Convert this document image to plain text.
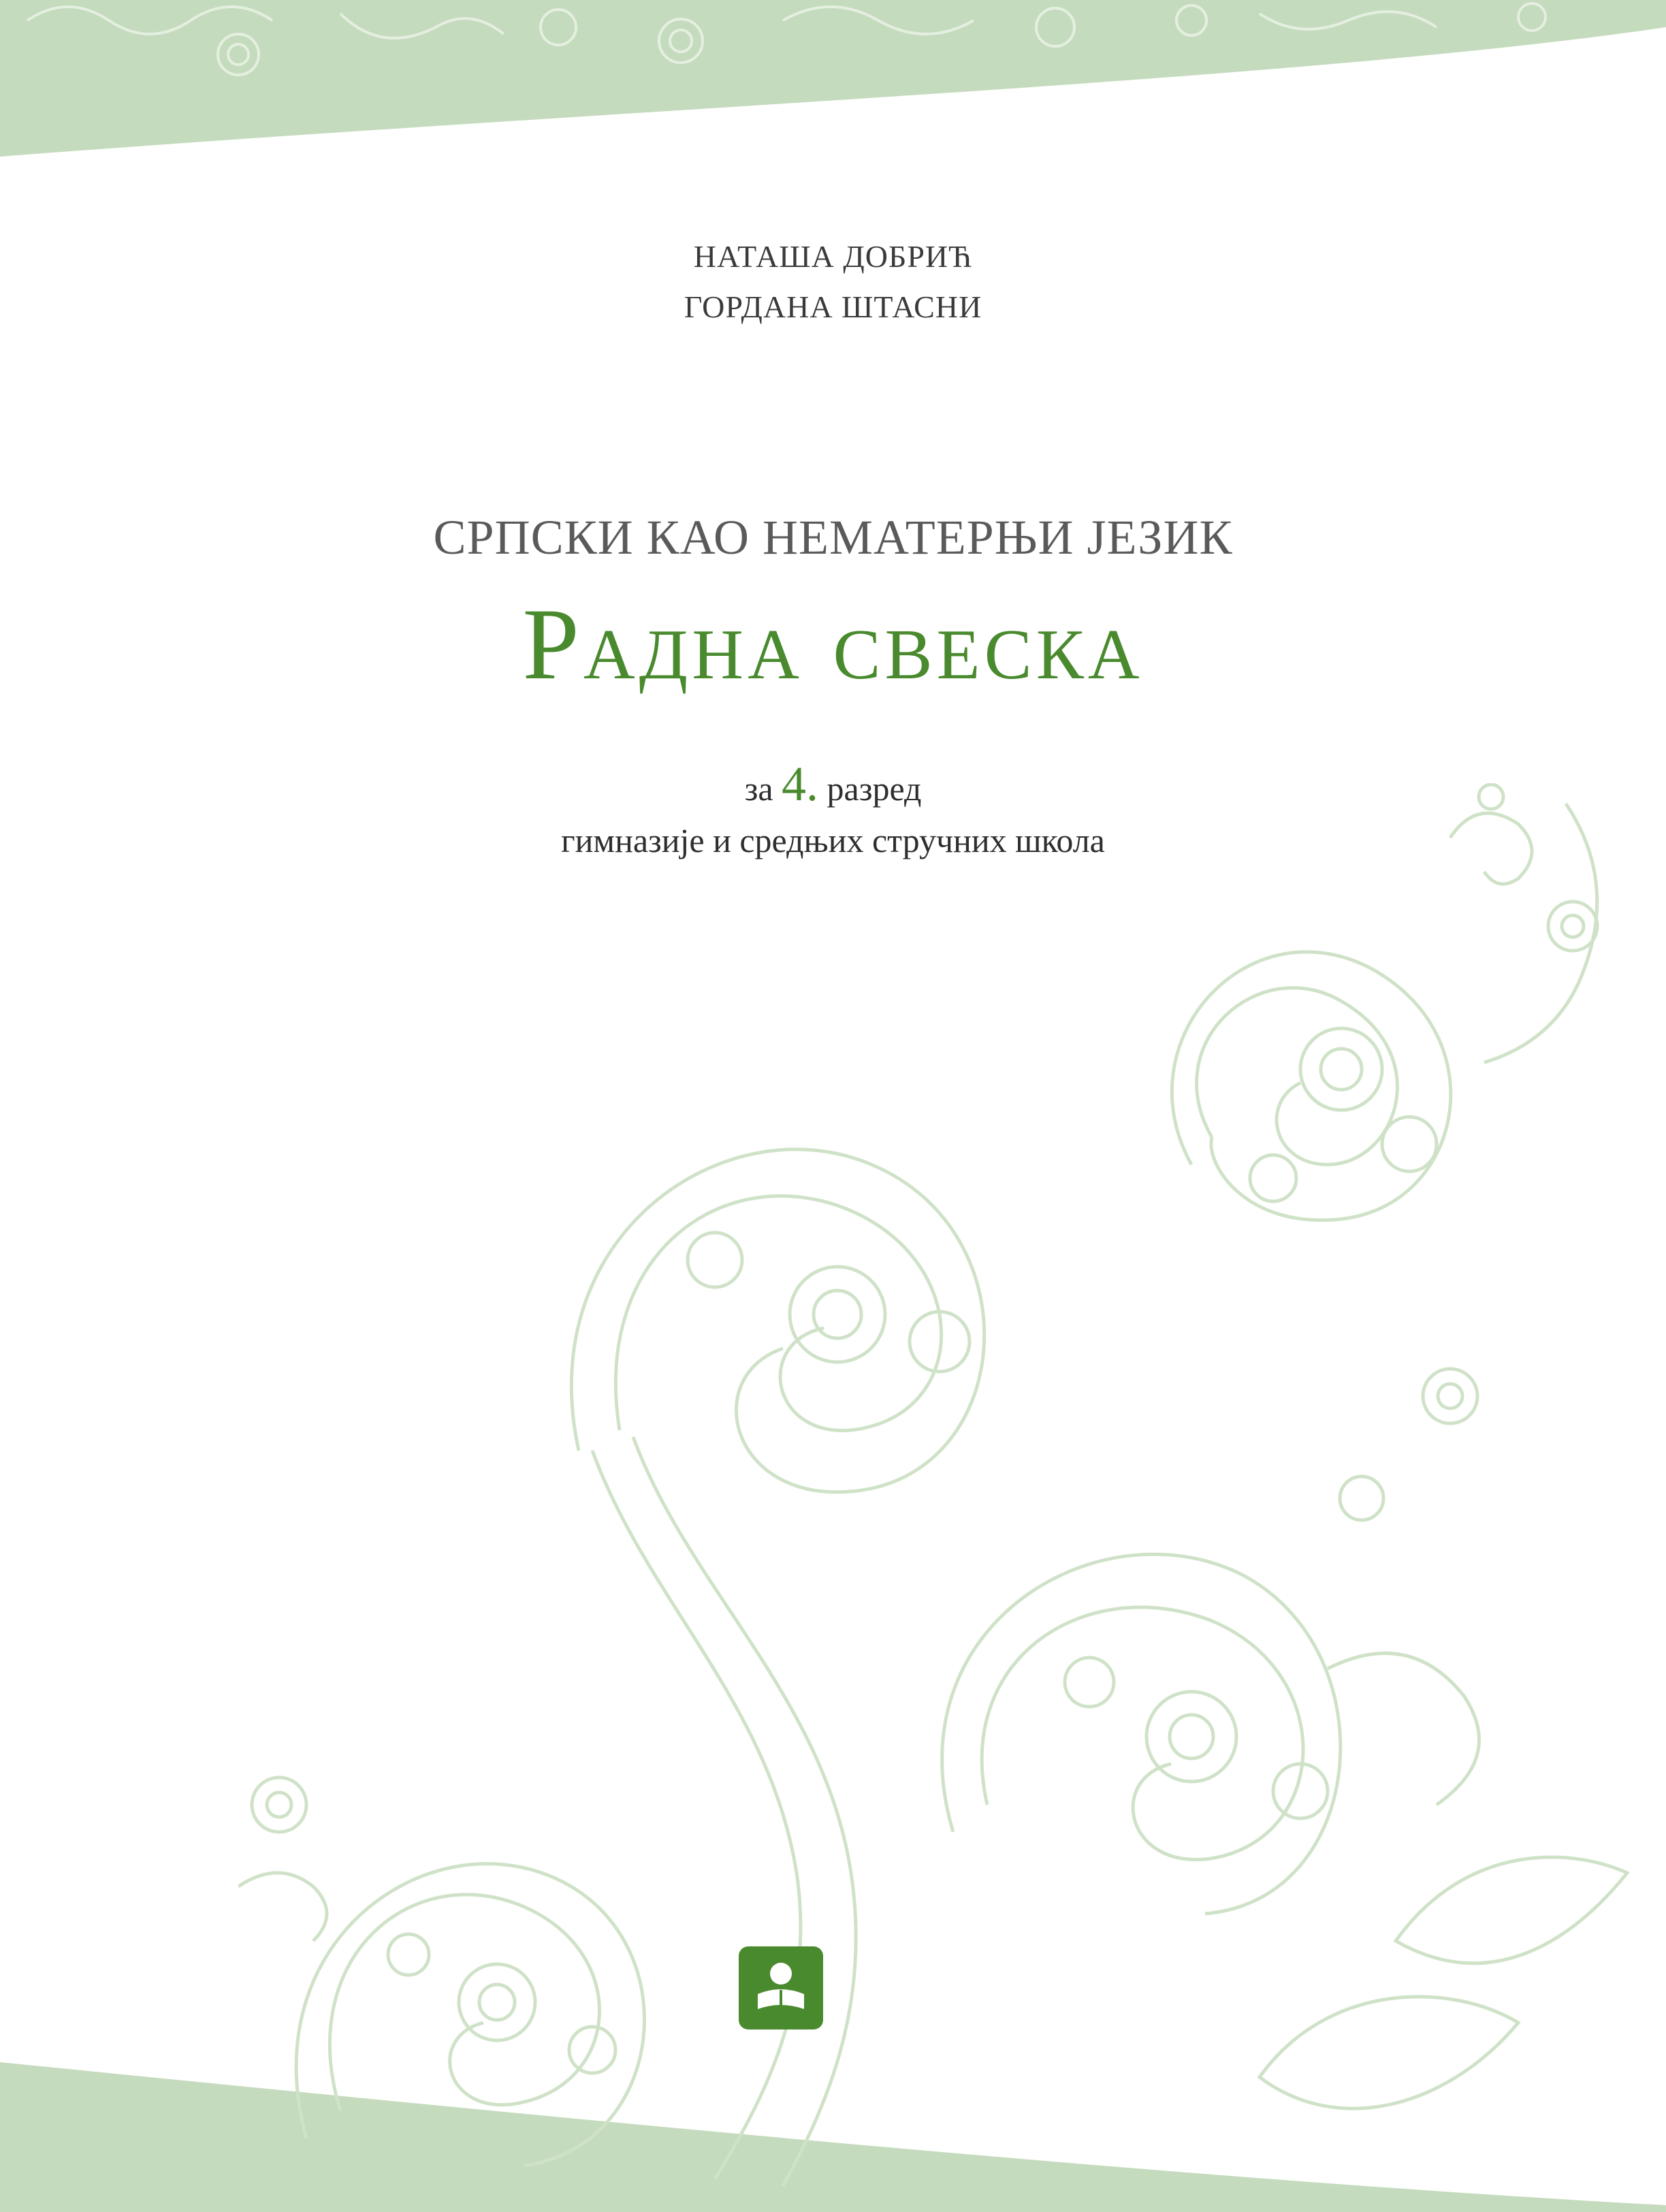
НАТАША ДОБРИЋ
ГОРДАНА ШТАСНИ
СРПСКИ КАО НЕМАТЕРЊИ ЈЕЗИК
Радна свеска
за 4. разред
гимназије и средњих стручних школа
